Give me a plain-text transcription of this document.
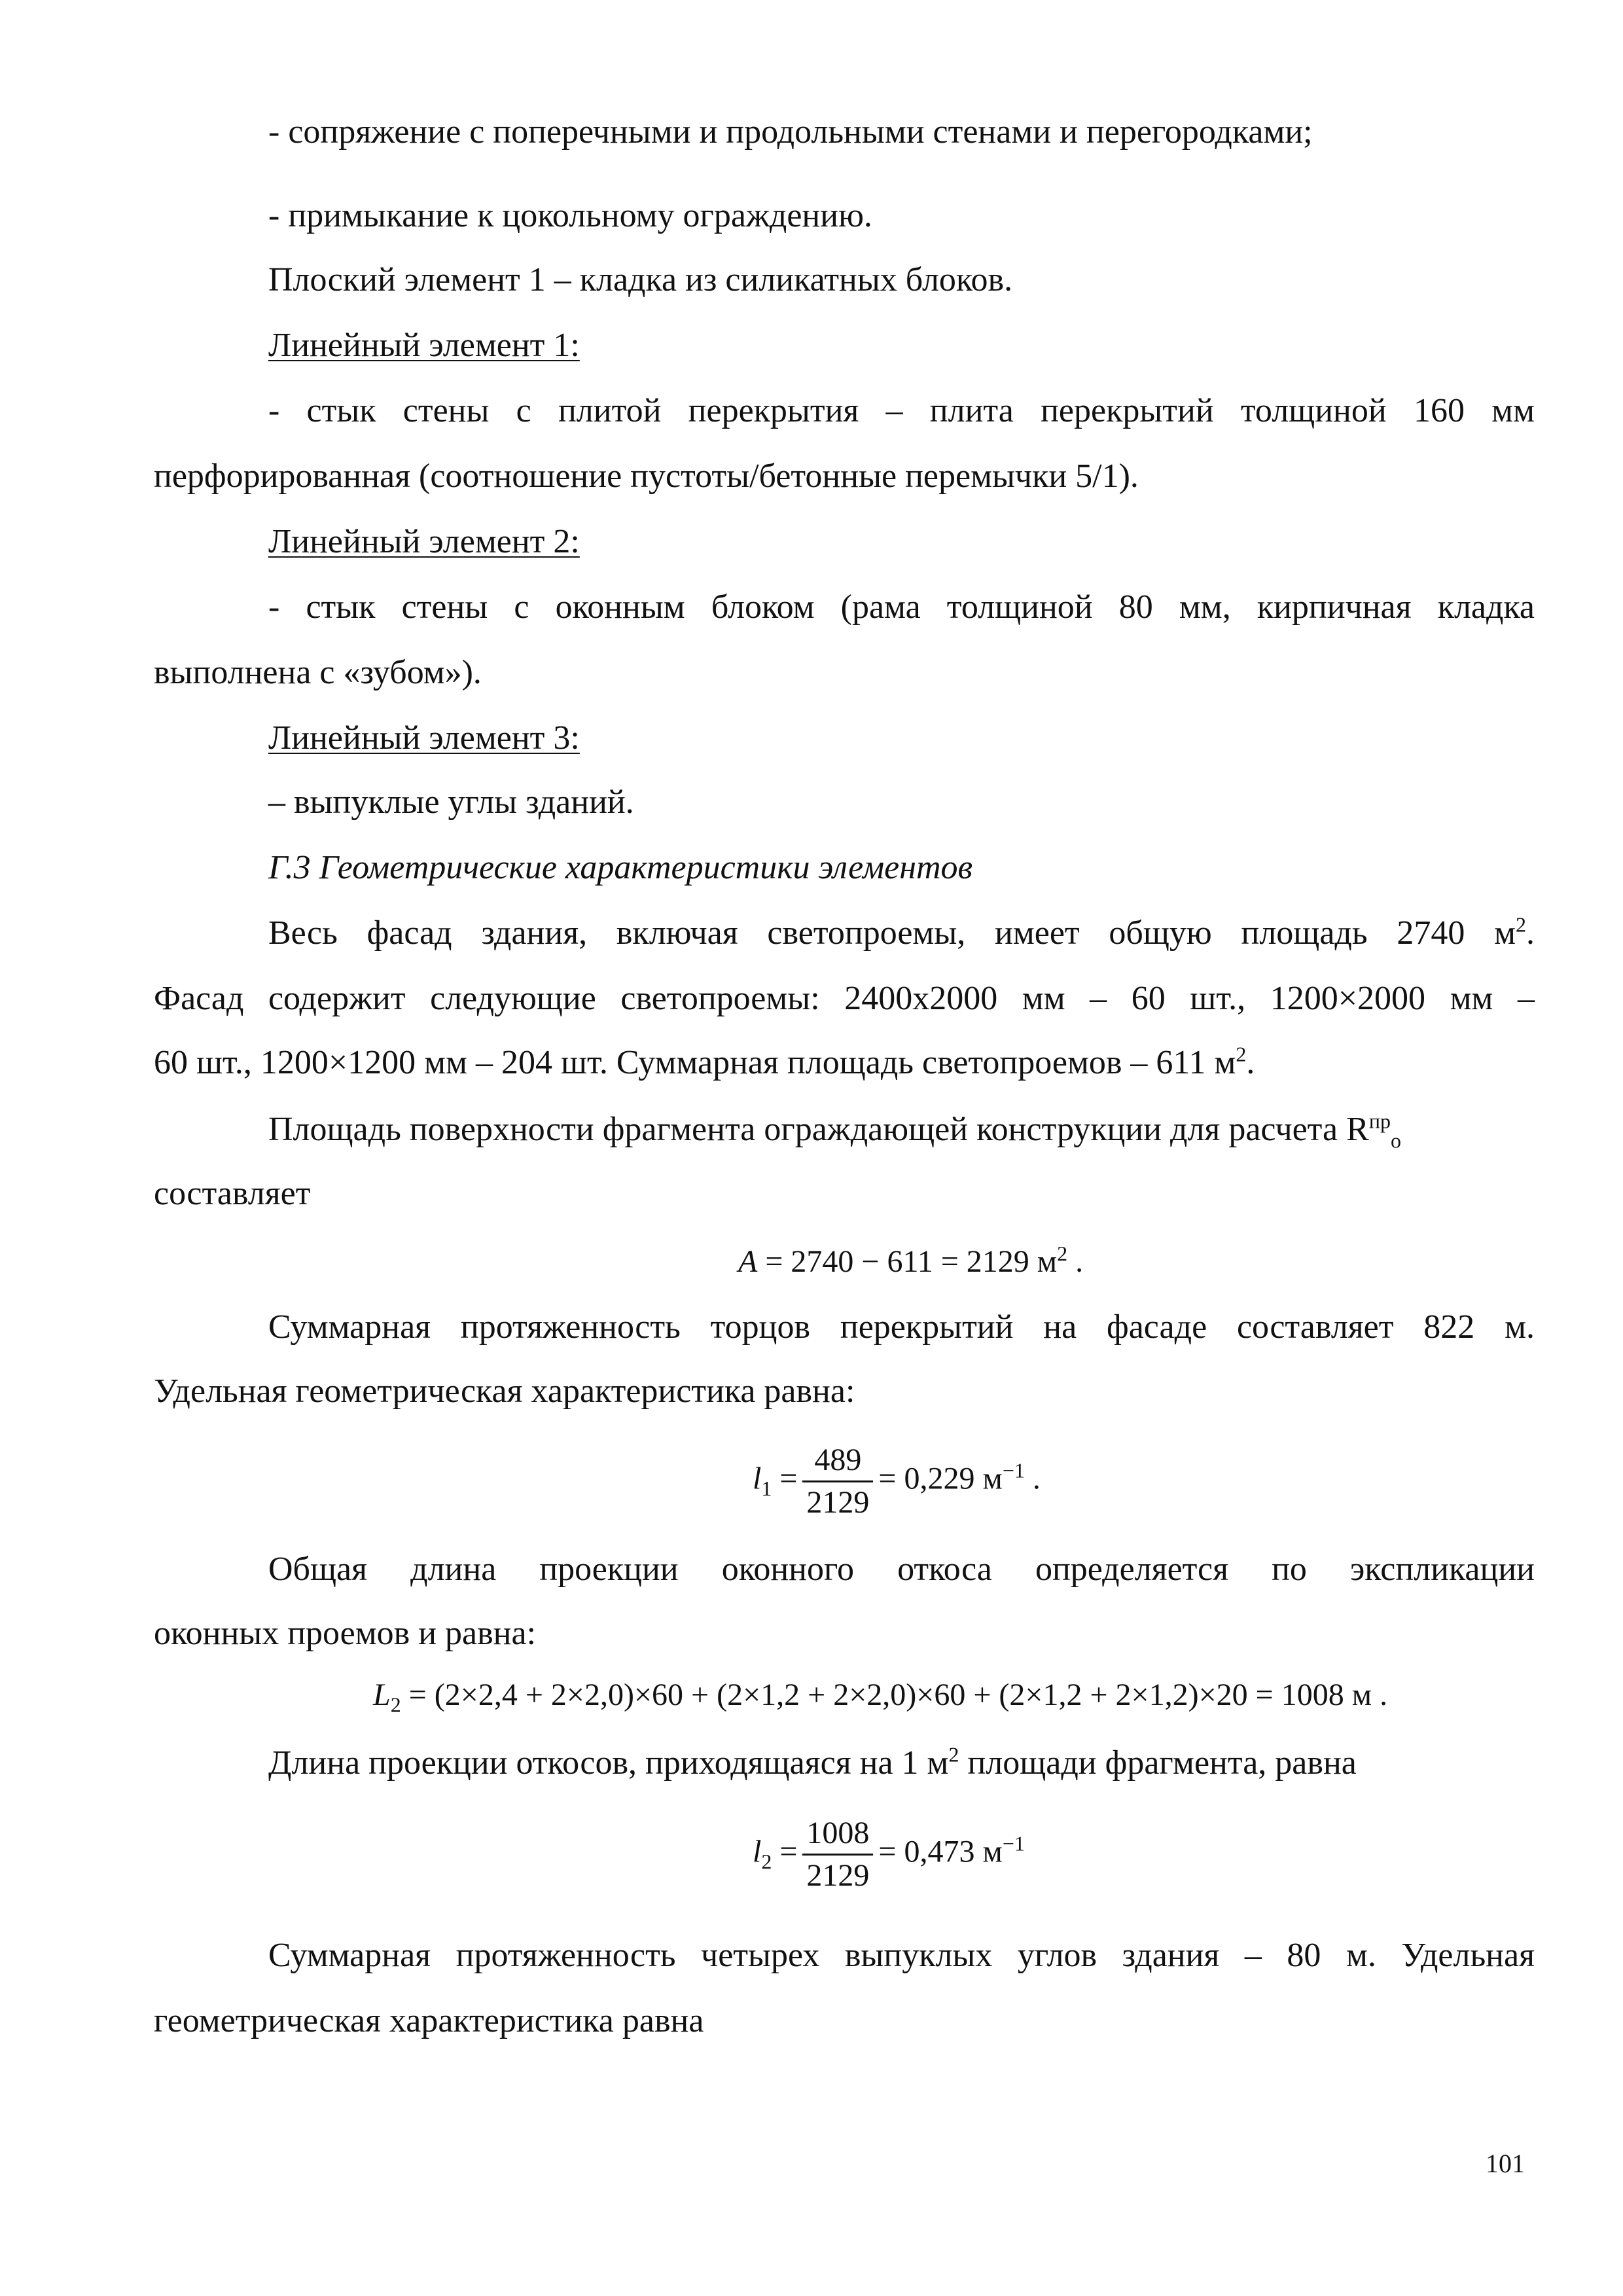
- сопряжение с поперечными и продольными стенами и перегородками;
- примыкание к цокольному ограждению.
Плоский элемент 1 – кладка из силикатных блоков.
Линейный элемент 1:
- стык стены с плитой перекрытия – плита перекрытий толщиной 160 мм
перфорированная (соотношение пустоты/бетонные перемычки 5/1).
Линейный элемент 2:
- стык стены с оконным блоком (рама толщиной 80 мм, кирпичная кладка
выполнена с «зубом»).
Линейный элемент 3:
– выпуклые углы зданий.
Г.3 Геометрические характеристики элементов
Весь фасад здания, включая светопроемы, имеет общую площадь 2740 $м^2$.
Фасад содержит следующие светопроемы: 2400х2000 мм – 60 шт., 1200×2000 мм –
60 шт., 1200×1200 мм – 204 шт. Суммарная площадь светопроемов – 611 $м^2$.
Площадь поверхности фрагмента ограждающей конструкции для расчета $R^{пр}_о$
составляет
A = 2740 − 611 = 2129 $м^2$ .
Суммарная протяженность торцов перекрытий на фасаде составляет 822 м.
Удельная геометрическая характеристика равна:
$l_1 = \frac{489}{2129} = 0,229$ $м^{-1}$ .
Общая длина проекции оконного откоса определяется по экспликации
оконных проемов и равна:
$L_2 = (2\times 2,4 + 2\times 2,0)\times 60 + (2\times 1,2 + 2\times 2,0)\times 60 + (2\times 1,2 + 2\times 1,2)\times 20 = 1008$ м .
Длина проекции откосов, приходящаяся на 1 $м^2$ площади фрагмента, равна
$l_2 = \frac{1008}{2129} = 0,473$ $м^{-1}$
Суммарная протяженность четырех выпуклых углов здания – 80 м. Удельная
геометрическая характеристика равна
101
